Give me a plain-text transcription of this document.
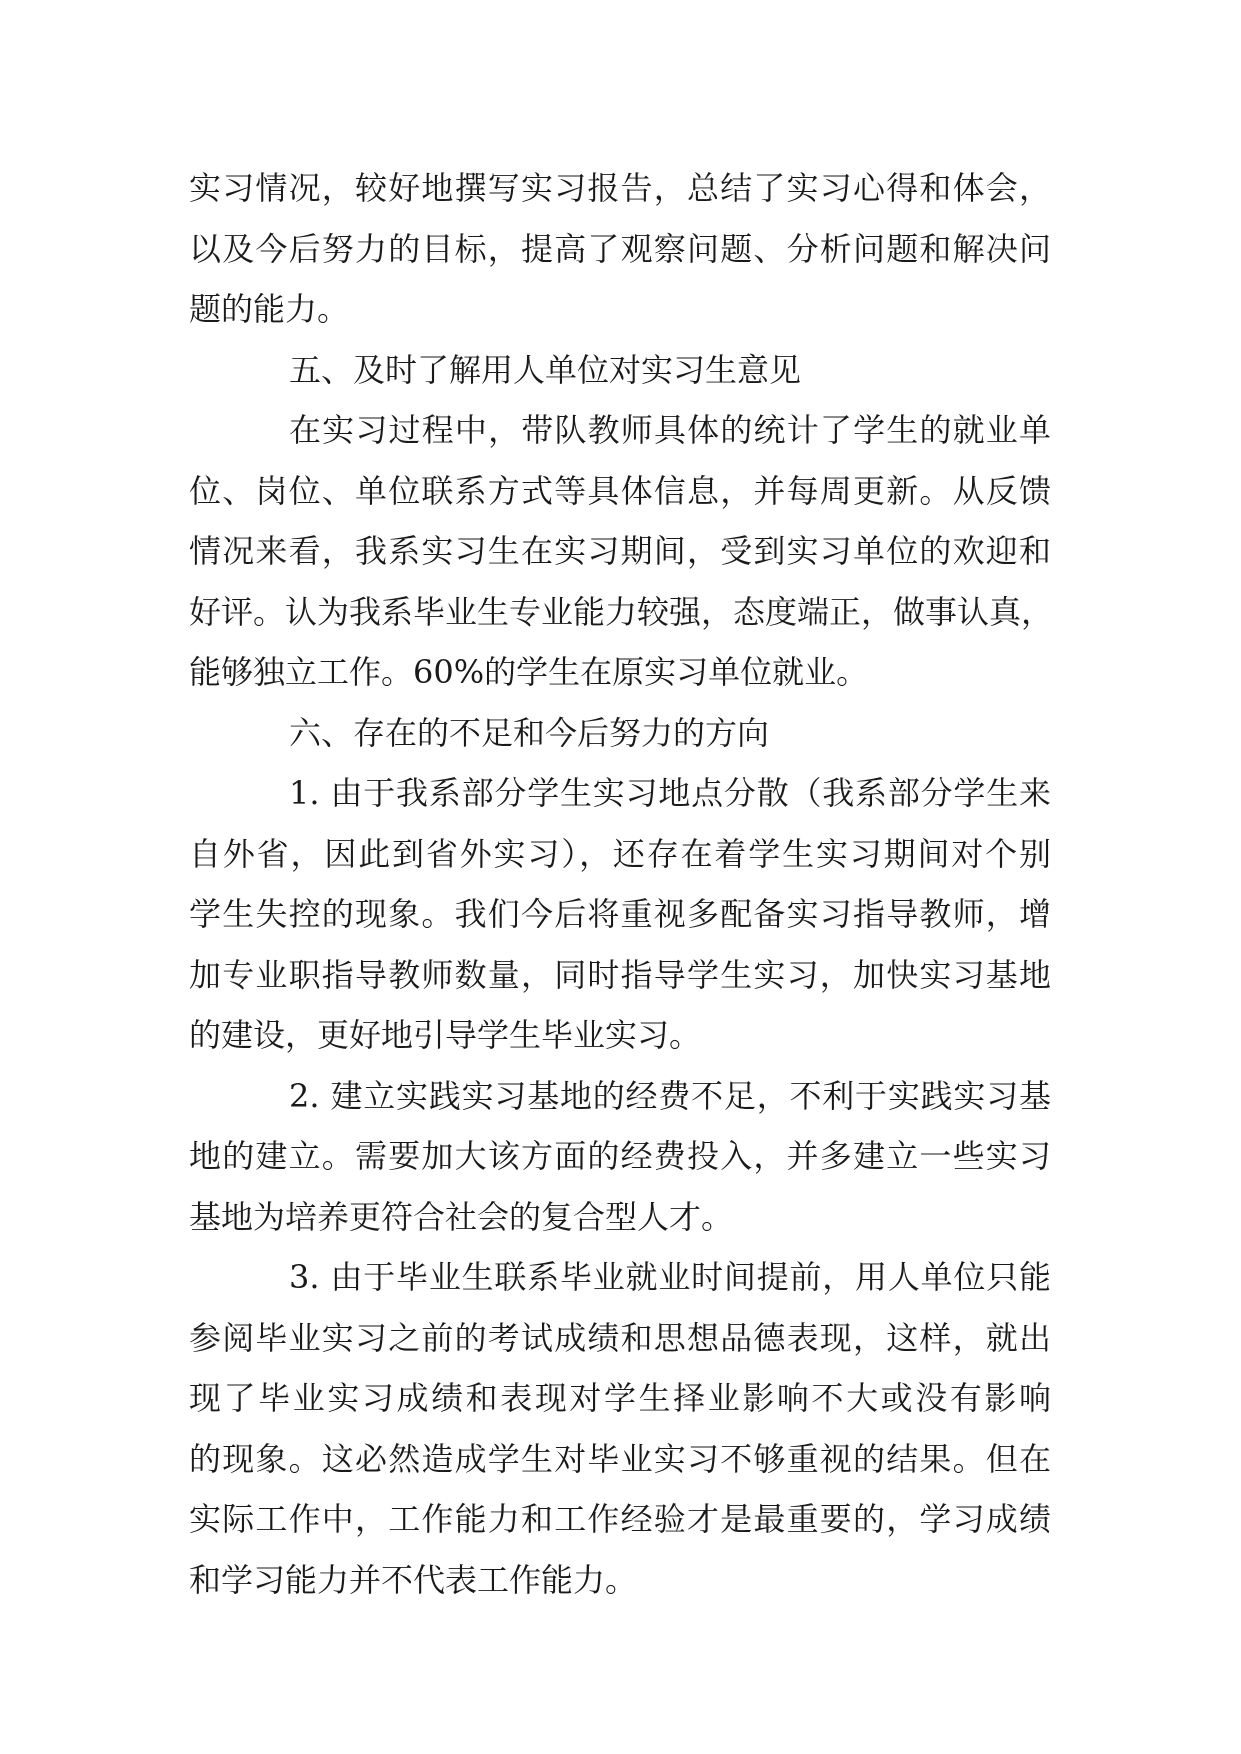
实习情况，较好地撰写实习报告，总结了实习心得和体会，
以及今后努力的目标，提高了观察问题、分析问题和解决问
题的能力。
五、及时了解用人单位对实习生意见
在实习过程中，带队教师具体的统计了学生的就业单
位、岗位、单位联系方式等具体信息，并每周更新。从反馈
情况来看，我系实习生在实习期间，受到实习单位的欢迎和
好评。认为我系毕业生专业能力较强，态度端正，做事认真，
能够独立工作。60%的学生在原实习单位就业。
六、存在的不足和今后努力的方向
1. 由于我系部分学生实习地点分散（我系部分学生来
自外省，因此到省外实习），还存在着学生实习期间对个别
学生失控的现象。我们今后将重视多配备实习指导教师，增
加专业职指导教师数量，同时指导学生实习，加快实习基地
的建设，更好地引导学生毕业实习。
2. 建立实践实习基地的经费不足，不利于实践实习基
地的建立。需要加大该方面的经费投入，并多建立一些实习
基地为培养更符合社会的复合型人才。
3. 由于毕业生联系毕业就业时间提前，用人单位只能
参阅毕业实习之前的考试成绩和思想品德表现，这样，就出
现了毕业实习成绩和表现对学生择业影响不大或没有影响
的现象。这必然造成学生对毕业实习不够重视的结果。但在
实际工作中，工作能力和工作经验才是最重要的，学习成绩
和学习能力并不代表工作能力。
